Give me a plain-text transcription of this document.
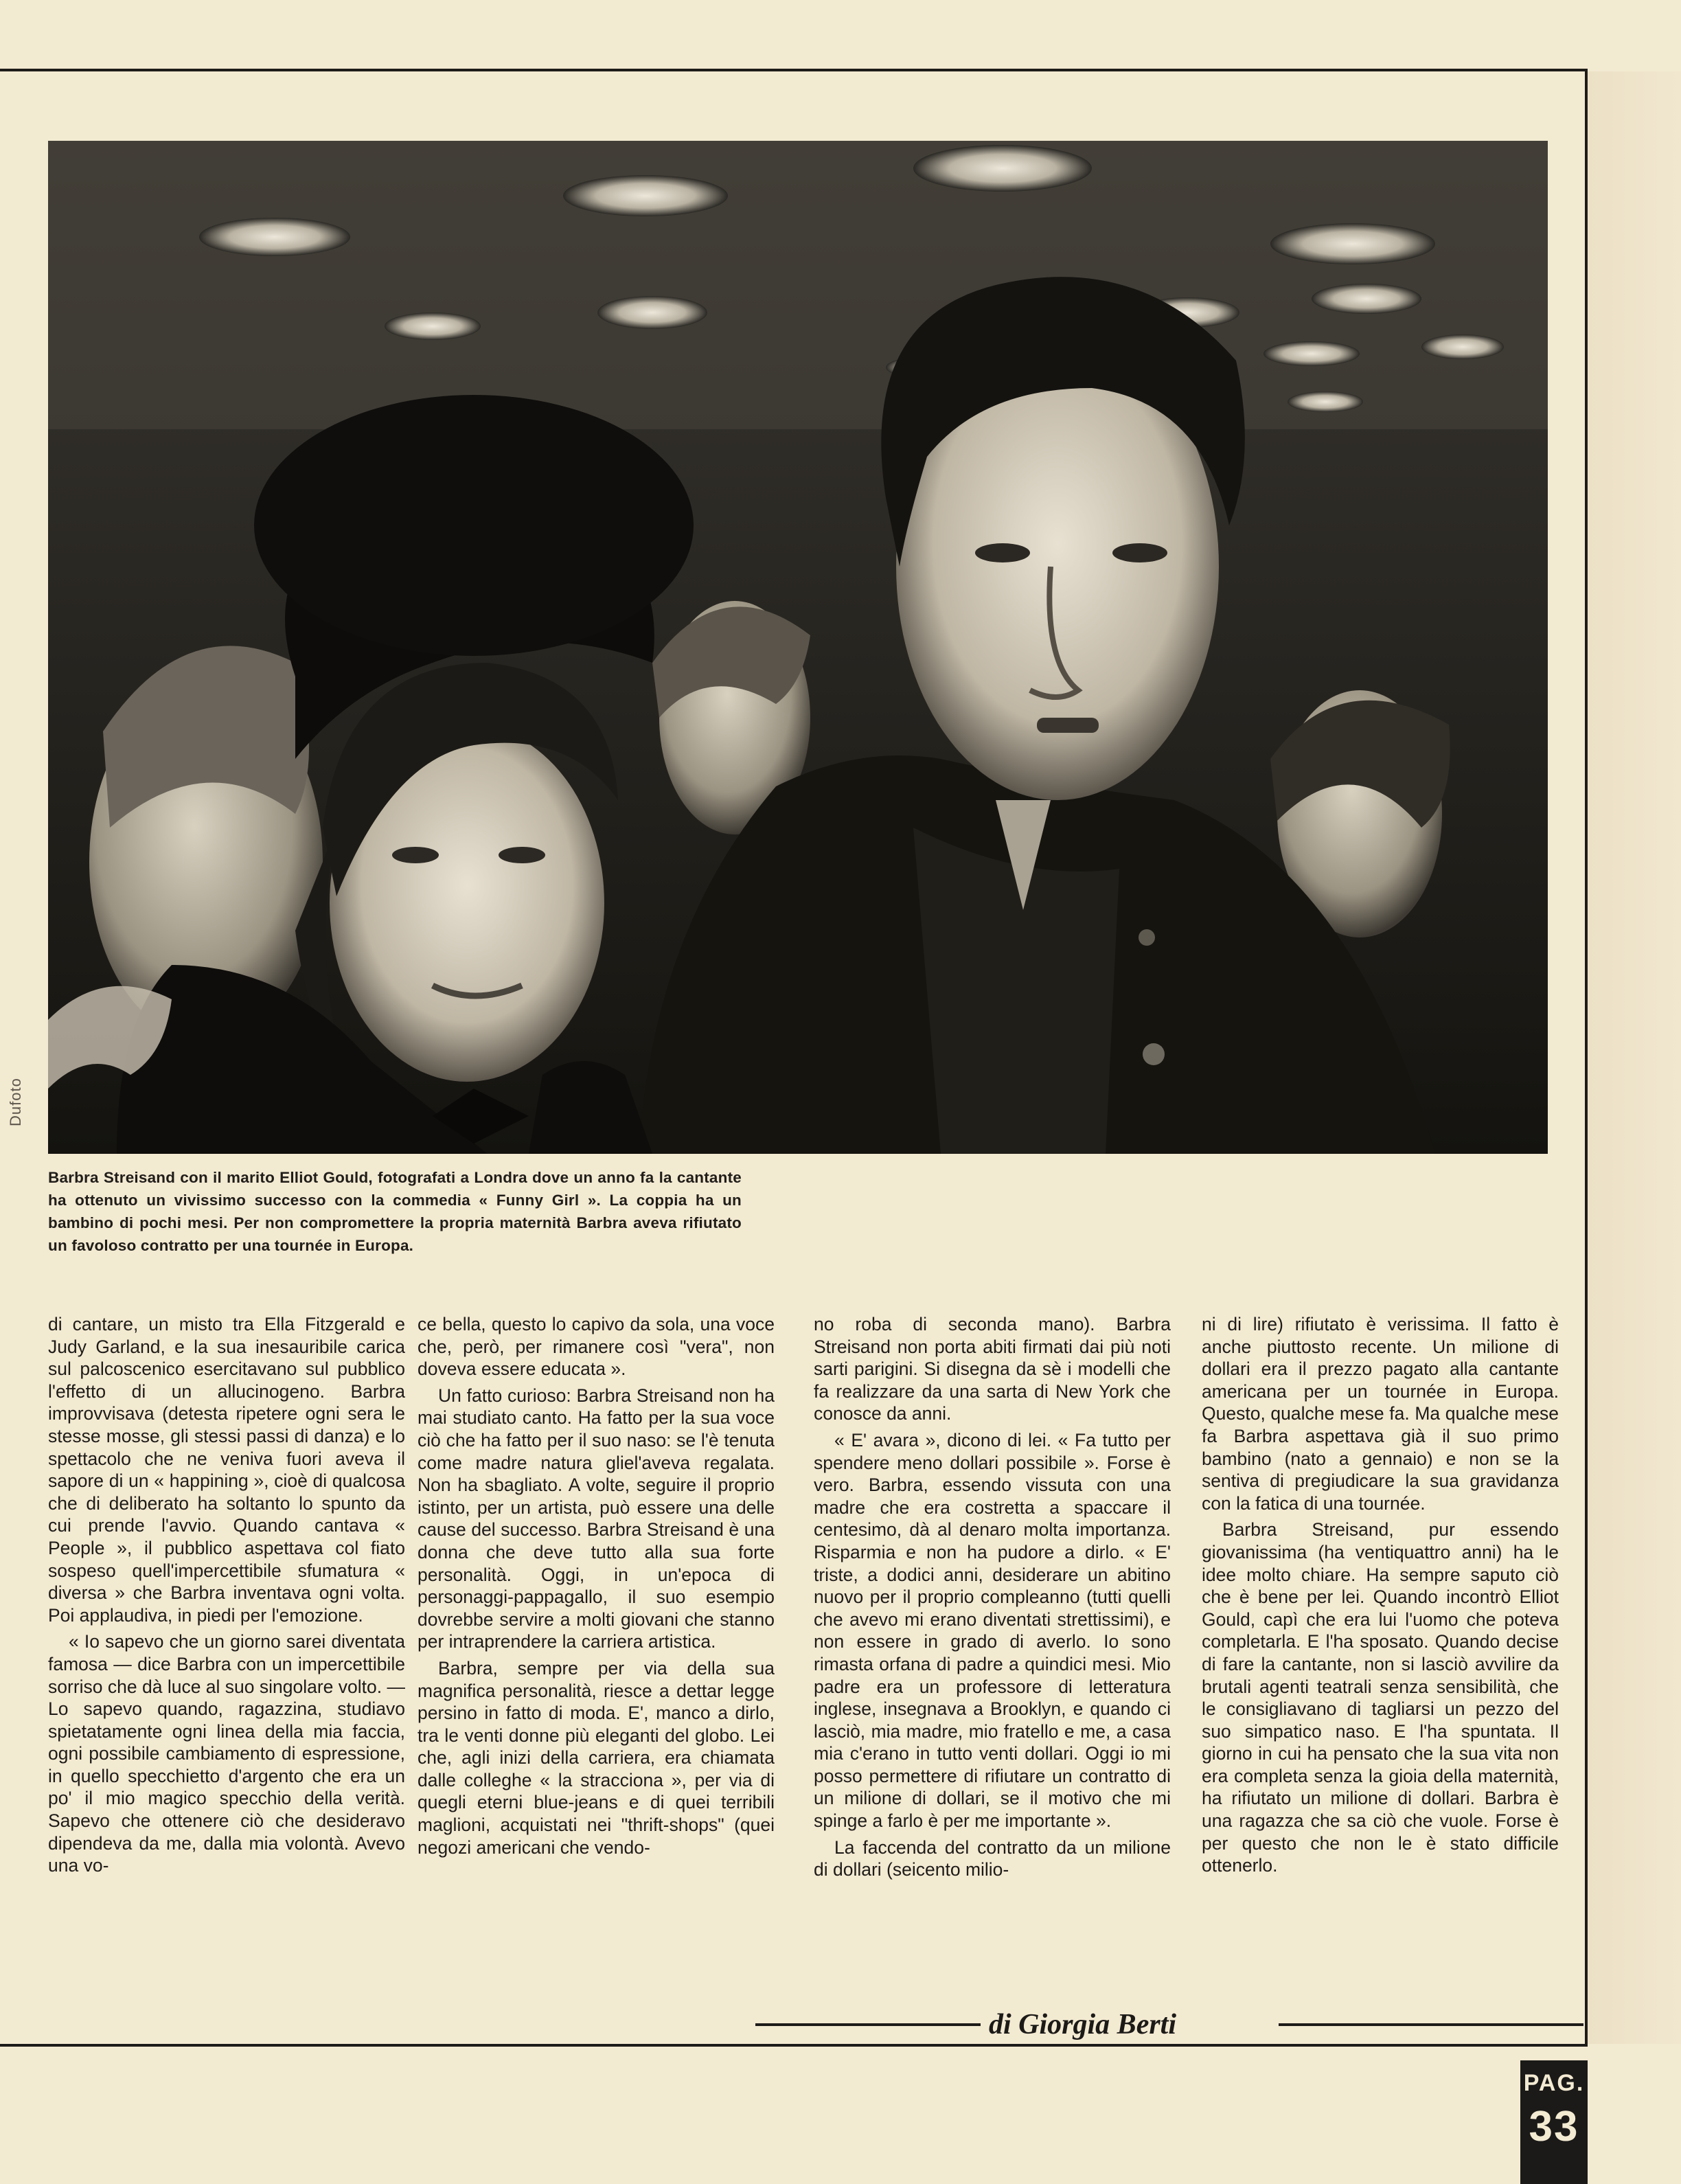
Dufoto

Barbra Streisand con il marito Elliot Gould, fotografati a Londra dove un anno fa la cantante ha ottenuto un vivissimo successo con la commedia « Funny Girl ». La coppia ha un bambino di pochi mesi. Per non compromettere la propria maternità Barbra aveva rifiutato un favoloso contratto per una tournée in Europa.

di cantare, un misto tra Ella Fitzgerald e Judy Garland, e la sua inesauribile carica sul palcoscenico esercitavano sul pubblico l'effetto di un allucinogeno. Barbra improvvisava (detesta ripetere ogni sera le stesse mosse, gli stessi passi di danza) e lo spettacolo che ne veniva fuori aveva il sapore di un « happining », cioè di qualcosa che di deliberato ha soltanto lo spunto da cui prende l'avvio. Quando cantava « People », il pubblico aspettava col fiato sospeso quell'impercettibile sfumatura « diversa » che Barbra inventava ogni volta. Poi applaudiva, in piedi per l'emozione.

« Io sapevo che un giorno sarei diventata famosa — dice Barbra con un impercettibile sorriso che dà luce al suo singolare volto. — Lo sapevo quando, ragazzina, studiavo spietatamente ogni linea della mia faccia, ogni possibile cambiamento di espressione, in quello specchietto d'argento che era un po' il mio magico specchio della verità. Sapevo che ottenere ciò che desideravo dipendeva da me, dalla mia volontà. Avevo una vo-

ce bella, questo lo capivo da sola, una voce che, però, per rimanere così "vera", non doveva essere educata ».

Un fatto curioso: Barbra Streisand non ha mai studiato canto. Ha fatto per la sua voce ciò che ha fatto per il suo naso: se l'è tenuta come madre natura gliel'aveva regalata. Non ha sbagliato. A volte, seguire il proprio istinto, per un artista, può essere una delle cause del successo. Barbra Streisand è una donna che deve tutto alla sua forte personalità. Oggi, in un'epoca di personaggi-pappagallo, il suo esempio dovrebbe servire a molti giovani che stanno per intraprendere la carriera artistica.

Barbra, sempre per via della sua magnifica personalità, riesce a dettar legge persino in fatto di moda. E', manco a dirlo, tra le venti donne più eleganti del globo. Lei che, agli inizi della carriera, era chiamata dalle colleghe « la stracciona », per via di quegli eterni blue-jeans e di quei terribili maglioni, acquistati nei "thrift-shops" (quei negozi americani che vendo-

no roba di seconda mano). Barbra Streisand non porta abiti firmati dai più noti sarti parigini. Si disegna da sè i modelli che fa realizzare da una sarta di New York che conosce da anni.

« E' avara », dicono di lei. « Fa tutto per spendere meno dollari possibile ». Forse è vero. Barbra, essendo vissuta con una madre che era costretta a spaccare il centesimo, dà al denaro molta importanza. Risparmia e non ha pudore a dirlo. « E' triste, a dodici anni, desiderare un abitino nuovo per il proprio compleanno (tutti quelli che avevo mi erano diventati strettissimi), e non essere in grado di averlo. Io sono rimasta orfana di padre a quindici mesi. Mio padre era un professore di letteratura inglese, insegnava a Brooklyn, e quando ci lasciò, mia madre, mio fratello e me, a casa mia c'erano in tutto venti dollari. Oggi io mi posso permettere di rifiutare un contratto di un milione di dollari, se il motivo che mi spinge a farlo è per me importante ».

La faccenda del contratto da un milione di dollari (seicento milio-

ni di lire) rifiutato è verissima. Il fatto è anche piuttosto recente. Un milione di dollari era il prezzo pagato alla cantante americana per un tournée in Europa. Questo, qualche mese fa. Ma qualche mese fa Barbra aspettava già il suo primo bambino (nato a gennaio) e non se la sentiva di pregiudicare la sua gravidanza con la fatica di una tournée.

Barbra Streisand, pur essendo giovanissima (ha ventiquattro anni) ha le idee molto chiare. Ha sempre saputo ciò che è bene per lei. Quando incontrò Elliot Gould, capì che era lui l'uomo che poteva completarla. E l'ha sposato. Quando decise di fare la cantante, non si lasciò avvilire da brutali agenti teatrali senza sensibilità, che le consigliavano di tagliarsi un pezzo del suo simpatico naso. E l'ha spuntata. Il giorno in cui ha pensato che la sua vita non era completa senza la gioia della maternità, ha rifiutato un milione di dollari. Barbra è una ragazza che sa ciò che vuole. Forse è per questo che non le è stato difficile ottenerlo.

di Giorgia Berti
PAG.
33
